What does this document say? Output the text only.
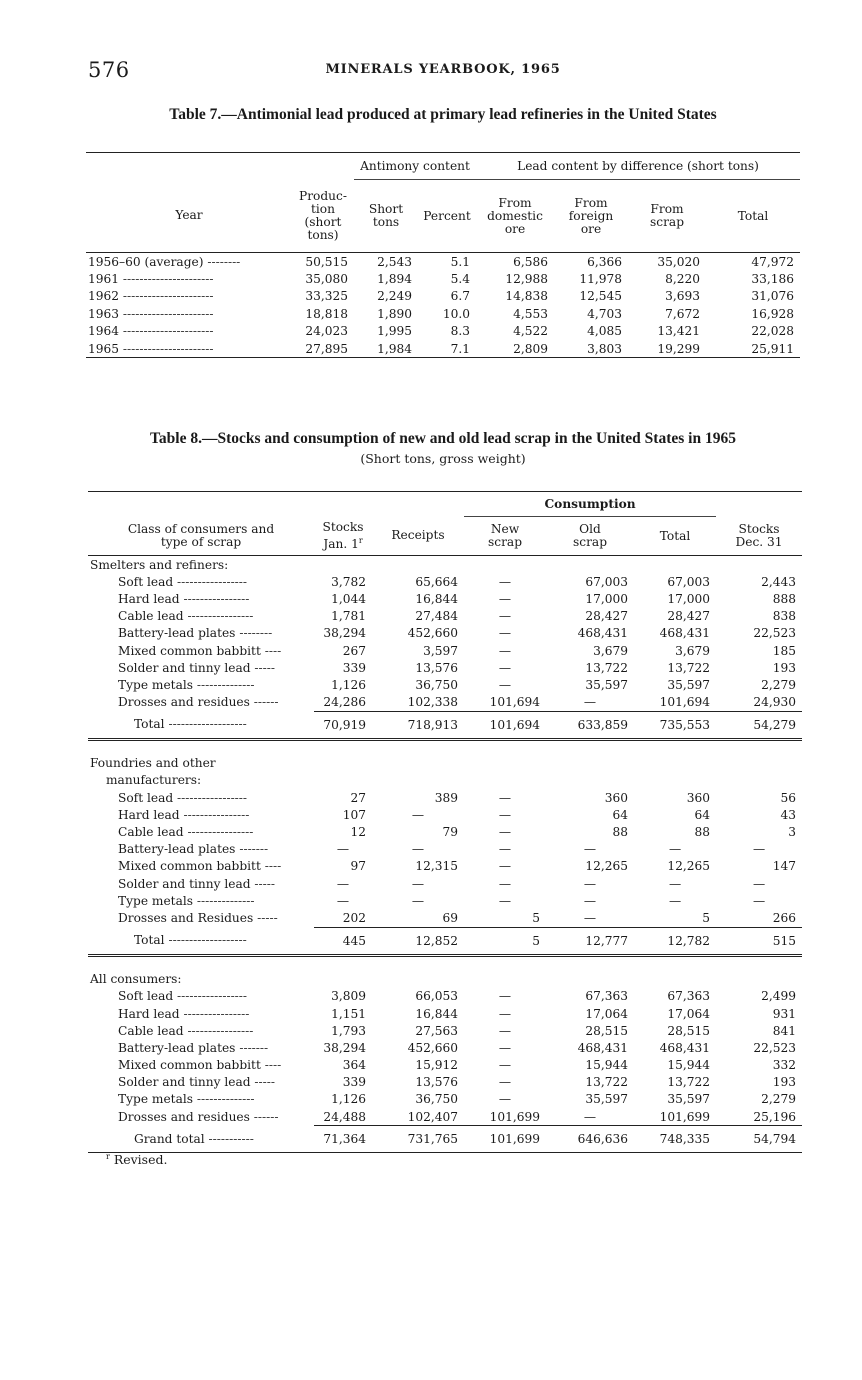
576	MINERALS YEARBOOK, 1965
Table 7.—Antimonial lead produced at primary lead refineries in the United States
		Antimony content		Lead content by difference (short tons)			
Year	Produc-
tion
(short
tons)	Short
tons	Percent	From
domestic
ore	From
foreign
ore	From
scrap	Total
1956–60 (average) --------	50,515	2,543	5.1	6,586	6,366	35,020	47,972
1961 ----------------------	35,080	1,894	5.4	12,988	11,978	8,220	33,186
1962 ----------------------	33,325	2,249	6.7	14,838	12,545	3,693	31,076
1963 ----------------------	18,818	1,890	10.0	4,553	4,703	7,672	16,928
1964 ----------------------	24,023	1,995	8.3	4,522	4,085	13,421	22,028
1965 ----------------------	27,895	1,984	7.1	2,809	3,803	19,299	25,911
Table 8.—Stocks and consumption of new and old lead scrap in the United States in 1965
(Short tons, gross weight)
			Consumption			
Class of consumers and
type of scrap	Stocks
Jan. 1$^r$	Receipts	New
scrap	Old
scrap	Total	Stocks
Dec. 31
Smelters and refiners:						
Soft lead -----------------	3,782	65,664	—	67,003	67,003	2,443
Hard lead ----------------	1,044	16,844	—	17,000	17,000	888
Cable lead ----------------	1,781	27,484	—	28,427	28,427	838
Battery-lead plates --------	38,294	452,660	—	468,431	468,431	22,523
Mixed common babbitt ----	267	3,597	—	3,679	3,679	185
Solder and tinny lead -----	339	13,576	—	13,722	13,722	193
Type metals --------------	1,126	36,750	—	35,597	35,597	2,279
Drosses and residues ------	24,286	102,338	101,694	—	101,694	24,930
Total -------------------	70,919	718,913	101,694	633,859	735,553	54,279

Foundries and other						
manufacturers:						
Soft lead -----------------	27	389	—	360	360	56
Hard lead ----------------	107	—	—	64	64	43
Cable lead ----------------	12	79	—	88	88	3
Battery-lead plates -------	—	—	—	—	—	—
Mixed common babbitt ----	97	12,315	—	12,265	12,265	147
Solder and tinny lead -----	—	—	—	—	—	—
Type metals --------------	—	—	—	—	—	—
Drosses and Residues -----	202	69	5	—	5	266
Total -------------------	445	12,852	5	12,777	12,782	515

All consumers:						
Soft lead -----------------	3,809	66,053	—	67,363	67,363	2,499
Hard lead ----------------	1,151	16,844	—	17,064	17,064	931
Cable lead ----------------	1,793	27,563	—	28,515	28,515	841
Battery-lead plates -------	38,294	452,660	—	468,431	468,431	22,523
Mixed common babbitt ----	364	15,912	—	15,944	15,944	332
Solder and tinny lead -----	339	13,576	—	13,722	13,722	193
Type metals --------------	1,126	36,750	—	35,597	35,597	2,279
Drosses and residues ------	24,488	102,407	101,699	—	101,699	25,196
Grand total -----------	71,364	731,765	101,699	646,636	748,335	54,794
$^r$ Revised.
